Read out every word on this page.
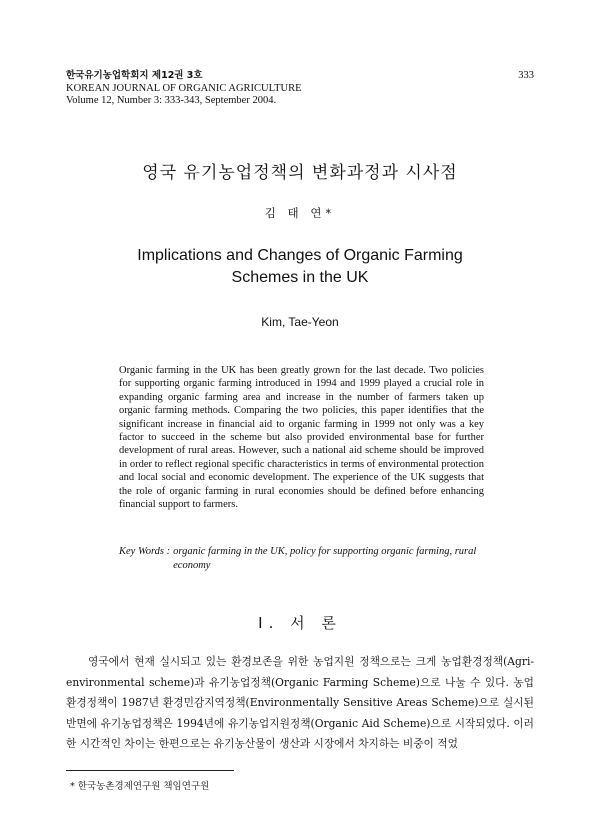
한국유기농업학회지 제12권 3호
KOREAN JOURNAL OF ORGANIC AGRICULTURE
Volume 12, Number 3: 333-343, September 2004.
333
영국 유기농업정책의 변화과정과 시사점
김 태 연*
Implications and Changes of Organic Farming
Schemes in the UK
Kim, Tae-Yeon
Organic farming in the UK has been greatly grown for the last decade. Two policies for supporting organic farming introduced in 1994 and 1999 played a crucial role in expanding organic farming area and increase in the number of farmers taken up organic farming methods. Comparing the two policies, this paper identifies that the significant increase in financial aid to organic farming in 1999 not only was a key factor to succeed in the scheme but also provided environmental base for further development of rural areas. However, such a national aid scheme should be improved in order to reflect regional specific characteristics in terms of environmental protection and local social and economic development. The experience of the UK suggests that the role of organic farming in rural economies should be defined before enhancing financial support to farmers.
Key Words : organic farming in the UK, policy for supporting organic farming, rural economy
Ⅰ. 서 론
영국에서 현재 실시되고 있는 환경보존을 위한 농업지원 정책으로는 크게 농업환경정책(Agri-environmental scheme)과 유기농업정책(Organic Farming Scheme)으로 나눌 수 있다. 농업환경정책이 1987년 환경민감지역정책(Environmentally Sensitive Areas Scheme)으로 실시된 반면에 유기농업정책은 1994년에 유기농업지원정책(Organic Aid Scheme)으로 시작되었다. 이러한 시간적인 차이는 한편으로는 유기농산물이 생산과 시장에서 차지하는 비중이 적었
* 한국농촌경제연구원 책임연구원
